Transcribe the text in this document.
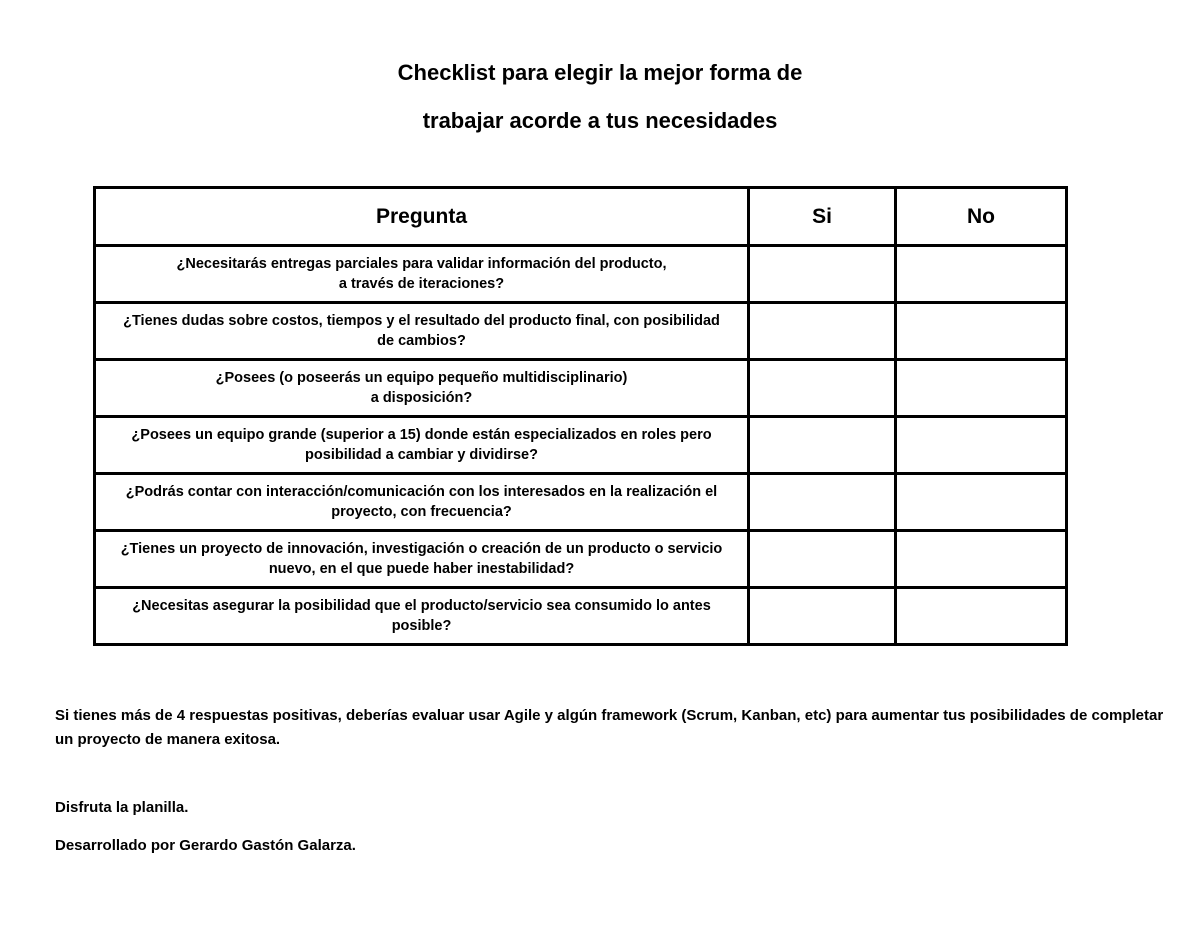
Checklist para elegir la mejor forma de
trabajar acorde a tus necesidades
Pregunta	Si	No

¿Necesitarás entregas parciales para validar información del producto,
a través de iteraciones?		

¿Tienes dudas sobre costos, tiempos y el resultado del producto final, con posibilidad
de cambios?		

¿Posees (o poseerás un equipo pequeño multidisciplinario)
a disposición?		

¿Posees un equipo grande (superior a 15) donde están especializados en roles pero
posibilidad a cambiar y dividirse?		

¿Podrás contar con interacción/comunicación con los interesados en la realización el
proyecto, con frecuencia?		

¿Tienes un proyecto de innovación, investigación o creación de un producto o servicio
nuevo, en el que puede haber inestabilidad?		

¿Necesitas asegurar la posibilidad que el producto/servicio sea consumido lo antes
posible?		

Si tienes más de 4 respuestas positivas, deberías evaluar usar Agile y algún framework (Scrum, Kanban, etc) para aumentar tus posibilidades de completar un proyecto de manera exitosa.
Disfruta la planilla.
Desarrollado por Gerardo Gastón Galarza.
